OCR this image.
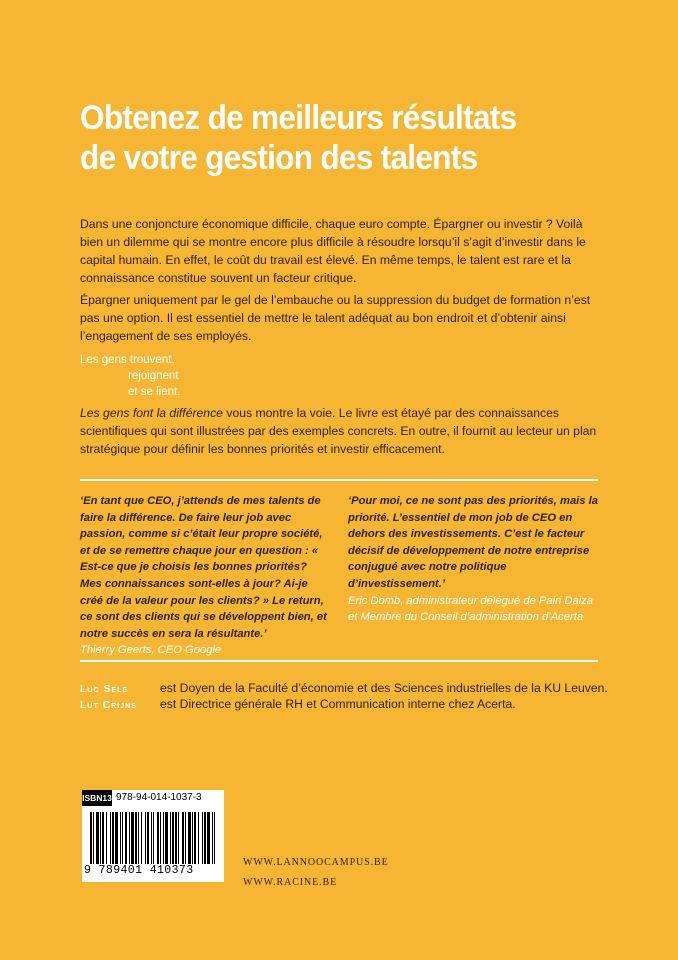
Obtenez de meilleurs résultats
de votre gestion des talents

Dans une conjoncture économique difficile, chaque euro compte. Épargner ou investir ? Voilà bien un dilemme qui se montre encore plus difficile à résoudre lorsqu’il s’agit d’investir dans le capital humain. En effet, le coût du travail est élevé. En même temps, le talent est rare et la connaissance constitue souvent un facteur critique.

Épargner uniquement par le gel de l’embauche ou la suppression du budget de formation n’est pas une option. Il est essentiel de mettre le talent adéquat au bon endroit et d’obtenir ainsi l’engagement de ses employés.

Les gens trouvent,
rejoignent
et se lient.

Les gens font la différence vous montre la voie. Le livre est étayé par des connaissances scientifiques qui sont illustrées par des exemples concrets. En outre, il fournit au lecteur un plan stratégique pour définir les bonnes priorités et investir efficacement.

‘En tant que CEO, j’attends de mes talents de faire la différence. De faire leur job avec passion, comme si c’était leur propre société, et de se remettre chaque jour en question : « Est-ce que je choisis les bonnes priorités? Mes connaissances sont-elles à jour? Ai-je créé de la valeur pour les clients? » Le return, ce sont des clients qui se développent bien, et notre succès en sera la résultante.’
Thierry Geerts, CEO Google
‘Pour moi, ce ne sont pas des priorités, mais la priorité. L’essentiel de mon job de CEO en dehors des investissements. C’est le facteur décisif de développement de notre entreprise conjugué avec notre politique d’investissement.’
Eric Domb, administrateur délégué de Pairi Daiza et Membre du Conseil d’administration d’Acerta
Luc Sels	est Doyen de la Faculté d’économie et des Sciences industrielles de la KU Leuven.
Lut Crijns est Directrice générale RH et Communication interne chez Acerta.
ISBN13 978-94-014-1037-3
9 789401 410373
WWW.LANNOOCAMPUS.BE
WWW.RACINE.BE
